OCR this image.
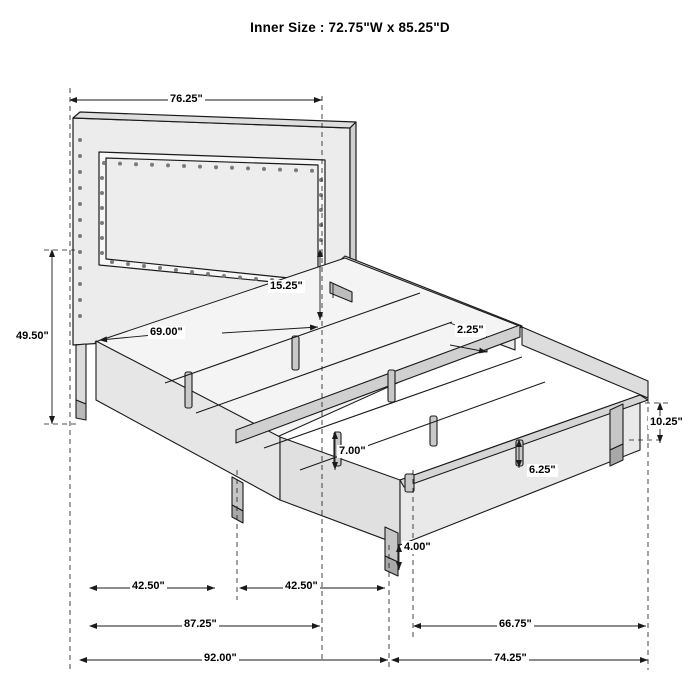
Inner Size : 72.75"W x 85.25"D
76.25"
49.50"
15.25"
69.00"	2.25"
10.25"
7.00"
6.25"
4.00"
42.50"	42.50"
87.25"	66.75"
92.00"	74.25"
